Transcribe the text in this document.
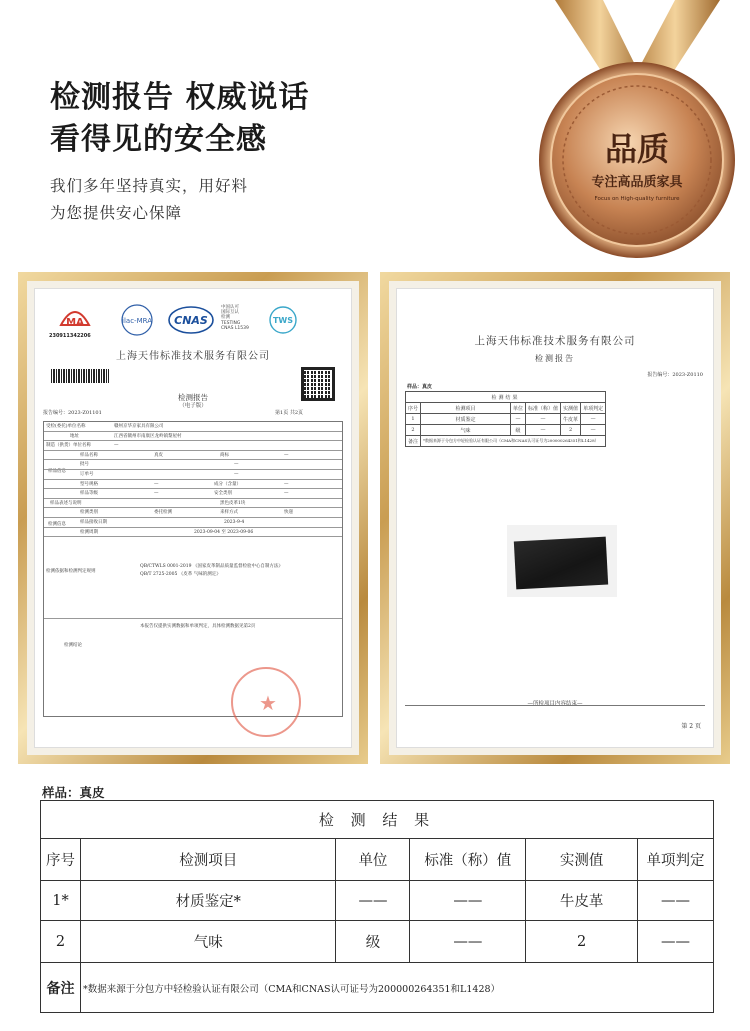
检测报告 权威说话
看得见的安全感
我们多年坚持真实，用好料
为您提供安心保障
品质
专注高品质家具
Focus on High-quality furniture
MA
230911342206
ilac-MRA CNAS
中国认可
国际互认
检测
TESTING
CNAS L1539
TWS
上海天伟标准技术服务有限公司
检测报告
（电子版）
报告编号：2023-Z01101	第1页 共2页
受检(委托)单位名称	赣州京华京家具有限公司
地址	江西省赣州市南康区龙岭镇黎屋村
制造（供货）单位名称	—
样品信息
样品名称	真皮	商标	—
批号	—
订单号	—
型号规格	—	成分（含量）	—
样品等级	—	安全类别	—
样品表述与说明	黑色皮革1块
检测信息
检测类别	委托检测	来样方式	快递
样品接收日期	2023-9-4
检测周期	2023-09-04 至 2023-09-06
检测依据和检测判定规则
QB/CTWLS 0001-2019 《国家皮革制品质量监督检验中心自制方法》
QB/T 2725-2005 《皮革 气味的测定》
检测结论
本报告仅提供实测数据和单项判定，具体检测数据见第2页
★
上海天伟标准技术服务有限公司
检测报告
报告编号：2023-Z0110
样品：真皮
检测结果					
序号	检测项目	单位	标准（称）值	实测值	单项判定
1	材质鉴定	—	—	牛皮革	—
2	气味	级	—	2	—
备注	*数据来源于分包方中轻检验认证有限公司（CMA和CNAS认可证号为200000264351和L1428）				
—所检项目内容结束—
第 2 页
样品：真皮
检 测 结 果					
序号	检测项目	单位	标准（称）值	实测值	单项判定
1*	材质鉴定*	——	——	牛皮革	——
2	气味	级	——	2	——
备注	*数据来源于分包方中轻检验认证有限公司（CMA和CNAS认可证号为200000264351和L1428）				
